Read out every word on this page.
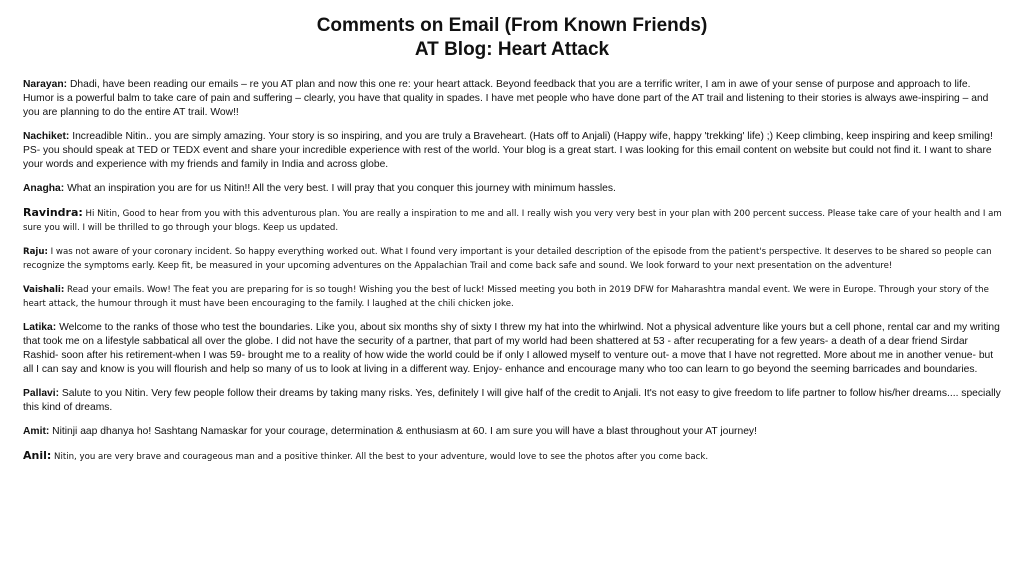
Comments on Email (From Known Friends)

AT Blog: Heart Attack

Narayan: Dhadi, have been reading our emails – re you AT plan and now this one re: your heart attack. Beyond feedback that you are a terrific writer, I am in awe of your sense of purpose and approach to life. Humor is a powerful balm to take care of pain and suffering – clearly, you have that quality in spades. I have met people who have done part of the AT trail and listening to their stories is always awe-inspiring – and you are planning to do the entire AT trail. Wow!!

Nachiket: Increadible Nitin.. you are simply amazing. Your story is so inspiring, and you are truly a Braveheart. (Hats off to Anjali) (Happy wife, happy 'trekking' life) ;) Keep climbing, keep inspiring and keep smiling! PS- you should speak at TED or TEDX event and share your incredible experience with rest of the world. Your blog is a great start. I was looking for this email content on website but could not find it. I want to share your words and experience with my friends and family in India and across globe.

Anagha: What an inspiration you are for us Nitin!! All the very best. I will pray that you conquer this journey with minimum hassles.

Ravindra: Hi Nitin, Good to hear from you with this adventurous plan. You are really a inspiration to me and all. I really wish you very very best in your plan with 200 percent success. Please take care of your health and I am sure you will. I will be thrilled to go through your blogs. Keep us updated.

Raju: I was not aware of your coronary incident. So happy everything worked out. What I found very important is your detailed description of the episode from the patient's perspective. It deserves to be shared so people can recognize the symptoms early. Keep fit, be measured in your upcoming adventures on the Appalachian Trail and come back safe and sound. We look forward to your next presentation on the adventure!

Vaishali: Read your emails. Wow! The feat you are preparing for is so tough! Wishing you the best of luck! Missed meeting you both in 2019 DFW for Maharashtra mandal event. We were in Europe. Through your story of the heart attack, the humour through it must have been encouraging to the family. I laughed at the chili chicken joke.

Latika: Welcome to the ranks of those who test the boundaries. Like you, about six months shy of sixty I threw my hat into the whirlwind. Not a physical adventure like yours but a cell phone, rental car and my writing that took me on a lifestyle sabbatical all over the globe. I did not have the security of a partner, that part of my world had been shattered at 53 - after recuperating for a few years- a death of a dear friend Sirdar Rashid- soon after his retirement-when I was 59- brought me to a reality of how wide the world could be if only I allowed myself to venture out- a move that I have not regretted. More about me in another venue- but all I can say and know is you will flourish and help so many of us to look at living in a different way. Enjoy- enhance and encourage many who too can learn to go beyond the seeming barricades and boundaries.

Pallavi: Salute to you Nitin. Very few people follow their dreams by taking many risks. Yes, definitely I will give half of the credit to Anjali. It's not easy to give freedom to life partner to follow his/her dreams.... specially this kind of dreams.

Amit: Nitinji aap dhanya ho! Sashtang Namaskar for your courage, determination & enthusiasm at 60. I am sure you will have a blast throughout your AT journey!

Anil: Nitin, you are very brave and courageous man and a positive thinker. All the best to your adventure, would love to see the photos after you come back.
